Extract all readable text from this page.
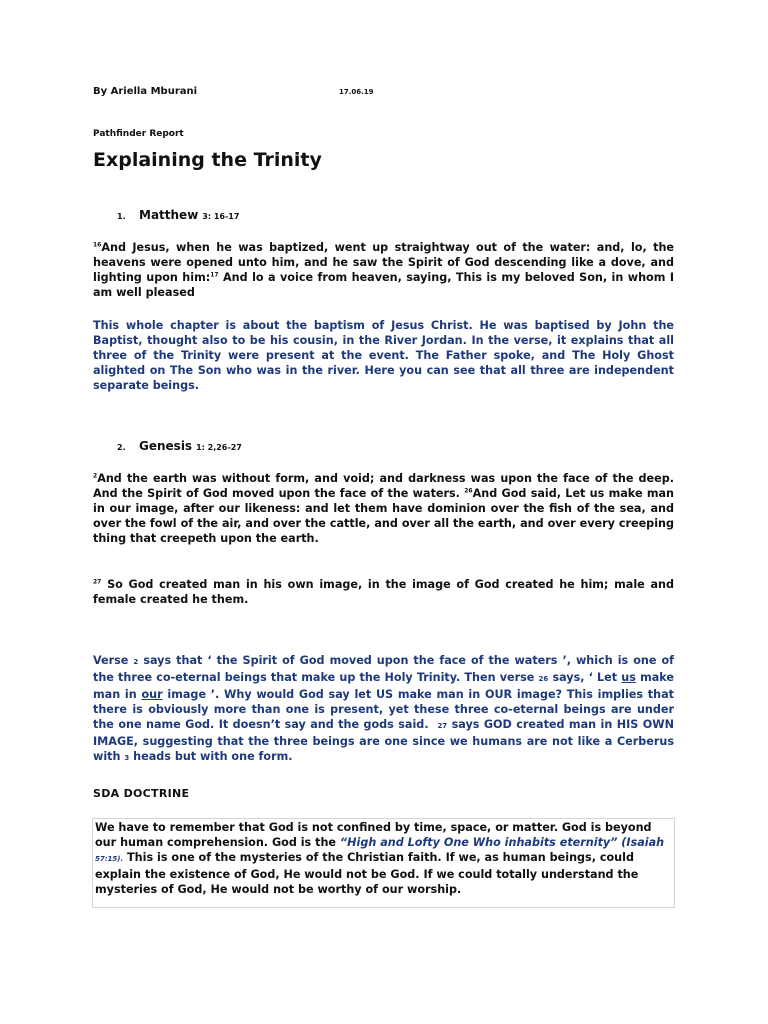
By Ariella Mburani	17.06.19
Pathfinder Report
Explaining the Trinity
1. Matthew 3: 16-17

$^{16}$And Jesus, when he was baptized, went up straightway out of the water: and, lo, the heavens were opened unto him, and he saw the Spirit of God descending like a dove, and lighting upon him:$^{17}$ And lo a voice from heaven, saying, This is my beloved Son, in whom I am well pleased

This whole chapter is about the baptism of Jesus Christ. He was baptised by John the Baptist, thought also to be his cousin, in the River Jordan. In the verse, it explains that all three of the Trinity were present at the event. The Father spoke, and The Holy Ghost alighted on The Son who was in the river. Here you can see that all three are independent separate beings.

2. Genesis 1: 2,26-27

$^2$And the earth was without form, and void; and darkness was upon the face of the deep. And the Spirit of God moved upon the face of the waters. $^{26}$And God said, Let us make man in our image, after our likeness: and let them have dominion over the fish of the sea, and over the fowl of the air, and over the cattle, and over all the earth, and over every creeping thing that creepeth upon the earth.

$^{27}$ So God created man in his own image, in the image of God created he him; male and female created he them.

Verse 2 says that ‘ the Spirit of God moved upon the face of the waters ’, which is one of the three co-eternal beings that make up the Holy Trinity. Then verse 26 says, ‘ Let us make man in our image ’. Why would God say let US make man in OUR image? This implies that there is obviously more than one is present, yet these three co-eternal beings are under the one name God. It doesn’t say and the gods said. 27 says GOD created man in HIS OWN IMAGE, suggesting that the three beings are one since we humans are not like a Cerberus with 3 heads but with one form.

SDA DOCTRINE

We have to remember that God is not confined by time, space, or matter. God is beyond our human comprehension. God is the “High and Lofty One Who inhabits eternity” (Isaiah 57:15). This is one of the mysteries of the Christian faith. If we, as human beings, could explain the existence of God, He would not be God. If we could totally understand the mysteries of God, He would not be worthy of our worship.
